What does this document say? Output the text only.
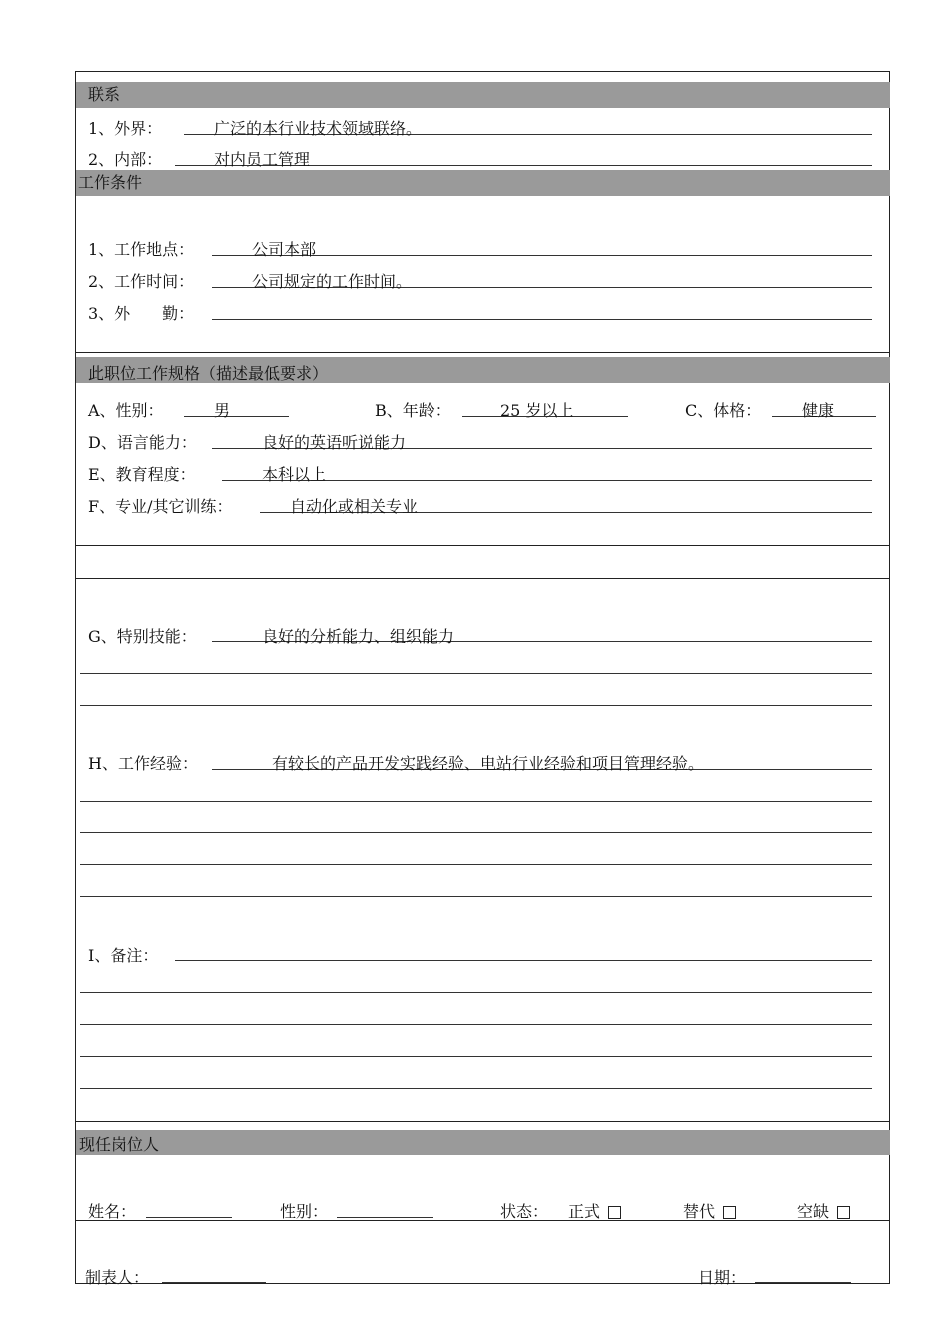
联系
1、外界：	广泛的本行业技术领域联络。
2、内部：	对内员工管理
工作条件
1、工作地点：	公司本部
2、工作时间：	公司规定的工作时间。
3、外　　勤：
此职位工作规格（描述最低要求）
A、性别：	男	B、年龄：	25 岁以上	C、体格：	健康
D、语言能力：	良好的英语听说能力
E、教育程度：	本科以上
F、专业/其它训练：	自动化或相关专业
G、特别技能：	良好的分析能力、组织能力
H、工作经验：	有较长的产品开发实践经验、电站行业经验和项目管理经验。
I、备注：
现任岗位人
姓名：	性别：	状态： 正式	替代	空缺
制表人：	日期：
